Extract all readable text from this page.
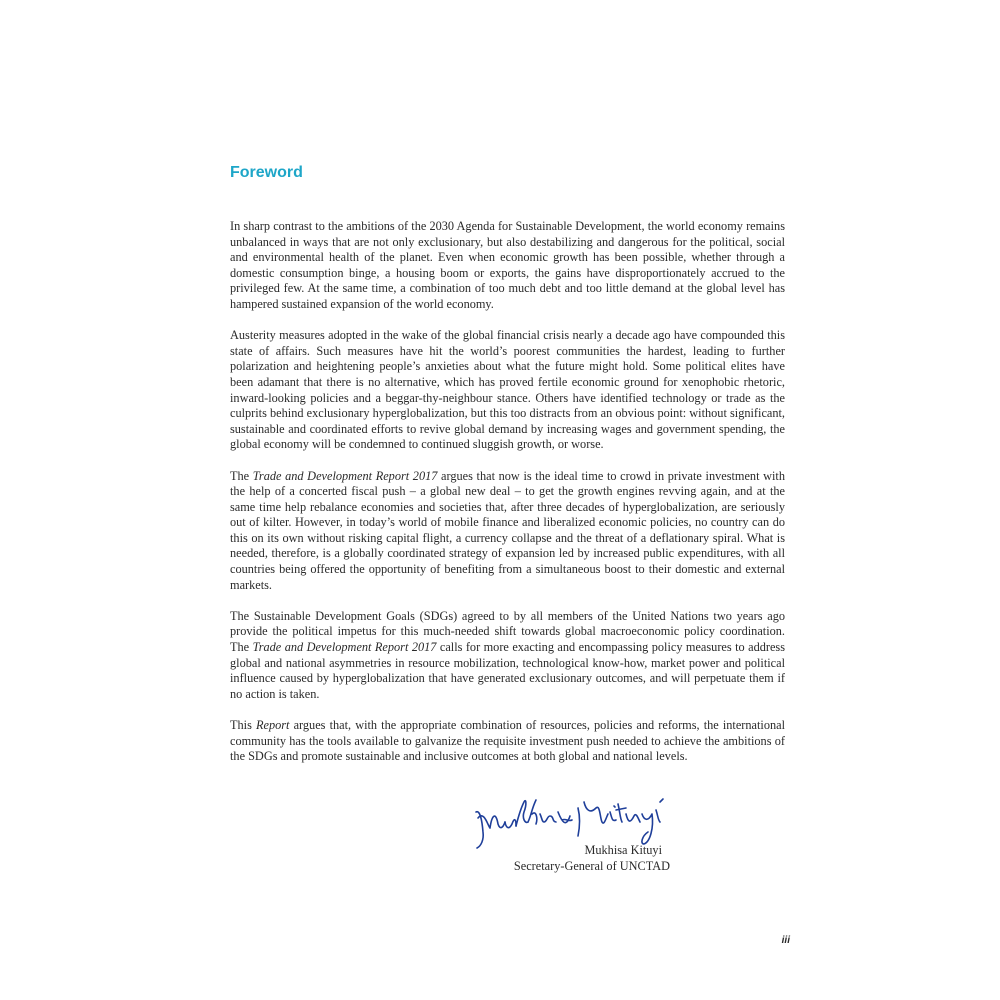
Foreword

In sharp contrast to the ambitions of the 2030 Agenda for Sustainable Development, the world economy remains unbalanced in ways that are not only exclusionary, but also destabilizing and dangerous for the political, social and environmental health of the planet. Even when economic growth has been possible, whether through a domestic consumption binge, a housing boom or exports, the gains have disproportionately accrued to the privileged few. At the same time, a combination of too much debt and too little demand at the global level has hampered sustained expansion of the world economy.

Austerity measures adopted in the wake of the global financial crisis nearly a decade ago have compounded this state of affairs. Such measures have hit the world’s poorest communities the hardest, leading to further polarization and heightening people’s anxieties about what the future might hold. Some political elites have been adamant that there is no alternative, which has proved fertile economic ground for xenophobic rhetoric, inward-looking policies and a beggar-thy-neighbour stance. Others have identified technology or trade as the culprits behind exclusionary hyperglobalization, but this too distracts from an obvious point: without significant, sustainable and coordinated efforts to revive global demand by increasing wages and government spending, the global economy will be condemned to continued sluggish growth, or worse.

The Trade and Development Report 2017 argues that now is the ideal time to crowd in private investment with the help of a concerted fiscal push – a global new deal – to get the growth engines revving again, and at the same time help rebalance economies and societies that, after three decades of hyperglobalization, are seriously out of kilter. However, in today’s world of mobile finance and liberalized economic policies, no country can do this on its own without risking capital flight, a currency collapse and the threat of a deflationary spiral. What is needed, therefore, is a globally coordinated strategy of expansion led by increased public expenditures, with all countries being offered the opportunity of benefiting from a simultaneous boost to their domestic and external markets.

The Sustainable Development Goals (SDGs) agreed to by all members of the United Nations two years ago provide the political impetus for this much-needed shift towards global macroeconomic policy coordination. The Trade and Development Report 2017 calls for more exacting and encompassing policy measures to address global and national asymmetries in resource mobilization, technological know-how, market power and political influence caused by hyperglobalization that have generated exclusionary outcomes, and will perpetuate them if no action is taken.

This Report argues that, with the appropriate combination of resources, policies and reforms, the international community has the tools available to galvanize the requisite investment push needed to achieve the ambitions of the SDGs and promote sustainable and inclusive outcomes at both global and national levels.

Mukhisa Kituyi
Secretary-General of UNCTAD
iii
